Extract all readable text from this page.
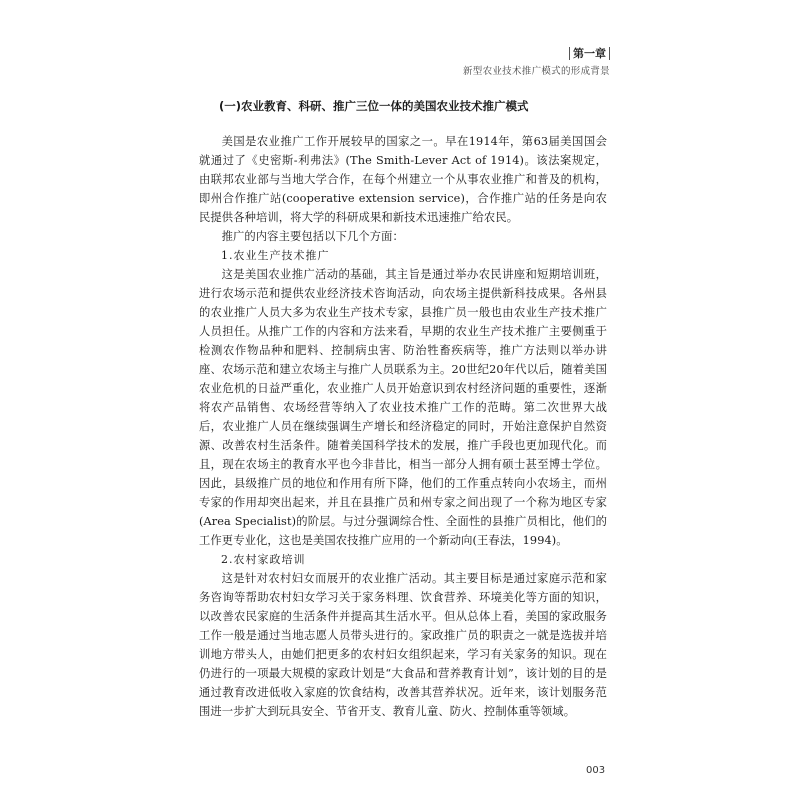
第一章
新型农业技术推广模式的形成背景
(一)农业教育、科研、推广三位一体的美国农业技术推广模式

美国是农业推广工作开展较早的国家之一。早在1914年，第63届美国国会就通过了《史密斯-利弗法》(The Smith-Lever Act of 1914)。该法案规定，由联邦农业部与当地大学合作，在每个州建立一个从事农业推广和普及的机构，即州合作推广站(cooperative extension service)，合作推广站的任务是向农民提供各种培训，将大学的科研成果和新技术迅速推广给农民。

推广的内容主要包括以下几个方面：

1.农业生产技术推广

这是美国农业推广活动的基础，其主旨是通过举办农民讲座和短期培训班，进行农场示范和提供农业经济技术咨询活动，向农场主提供新科技成果。各州县的农业推广人员大多为农业生产技术专家，县推广员一般也由农业生产技术推广人员担任。从推广工作的内容和方法来看，早期的农业生产技术推广主要侧重于检测农作物品种和肥料、控制病虫害、防治牲畜疾病等，推广方法则以举办讲座、农场示范和建立农场主与推广人员联系为主。20世纪20年代以后，随着美国农业危机的日益严重化，农业推广人员开始意识到农村经济问题的重要性，逐渐将农产品销售、农场经营等纳入了农业技术推广工作的范畴。第二次世界大战后，农业推广人员在继续强调生产增长和经济稳定的同时，开始注意保护自然资源、改善农村生活条件。随着美国科学技术的发展，推广手段也更加现代化。而且，现在农场主的教育水平也今非昔比，相当一部分人拥有硕士甚至博士学位。因此，县级推广员的地位和作用有所下降，他们的工作重点转向小农场主，而州专家的作用却突出起来，并且在县推广员和州专家之间出现了一个称为地区专家(Area Specialist)的阶层。与过分强调综合性、全面性的县推广员相比，他们的工作更专业化，这也是美国农技推广应用的一个新动向(王春法，1994)。

2.农村家政培训

这是针对农村妇女而展开的农业推广活动。其主要目标是通过家庭示范和家务咨询等帮助农村妇女学习关于家务料理、饮食营养、环境美化等方面的知识，以改善农民家庭的生活条件并提高其生活水平。但从总体上看，美国的家政服务工作一般是通过当地志愿人员带头进行的。家政推广员的职责之一就是选拔并培训地方带头人，由她们把更多的农村妇女组织起来，学习有关家务的知识。现在仍进行的一项最大规模的家政计划是“大食品和营养教育计划”，该计划的目的是通过教育改进低收入家庭的饮食结构，改善其营养状况。近年来，该计划服务范围进一步扩大到玩具安全、节省开支、教育儿童、防火、控制体重等领域。

003
